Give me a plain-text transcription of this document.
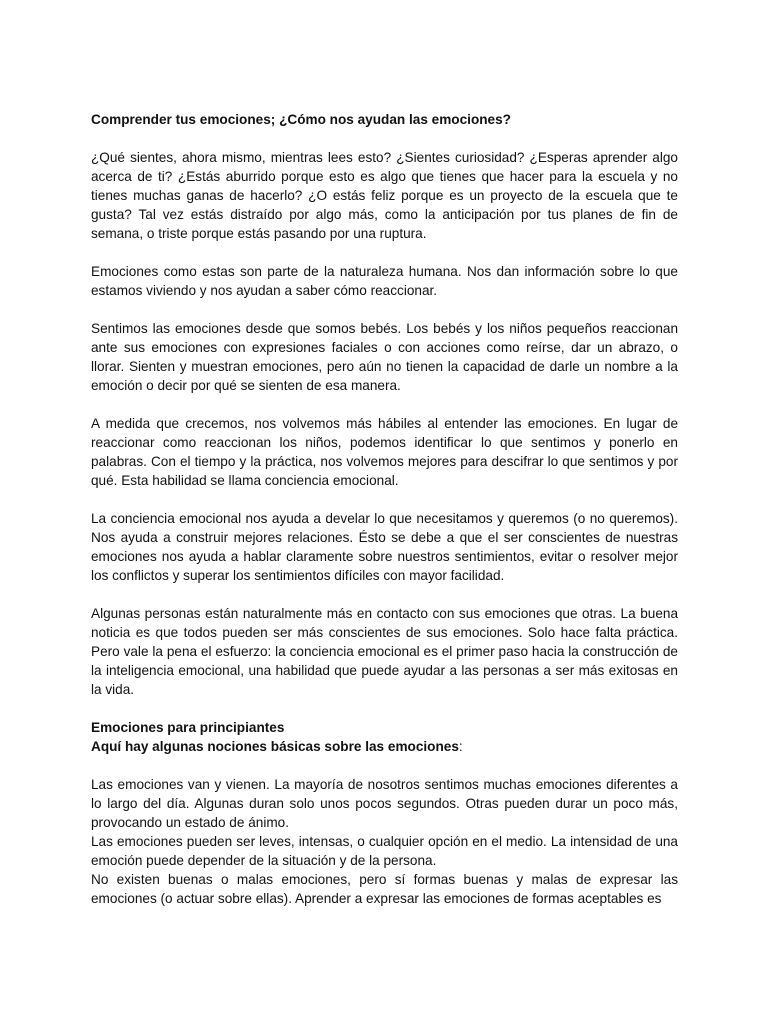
Comprender tus emociones; ¿Cómo nos ayudan las emociones?

¿Qué sientes, ahora mismo, mientras lees esto? ¿Sientes curiosidad? ¿Esperas aprender algo acerca de ti? ¿Estás aburrido porque esto es algo que tienes que hacer para la escuela y no tienes muchas ganas de hacerlo? ¿O estás feliz porque es un proyecto de la escuela que te gusta? Tal vez estás distraído por algo más, como la anticipación por tus planes de fin de semana, o triste porque estás pasando por una ruptura.

Emociones como estas son parte de la naturaleza humana. Nos dan información sobre lo que estamos viviendo y nos ayudan a saber cómo reaccionar.

Sentimos las emociones desde que somos bebés. Los bebés y los niños pequeños reaccionan ante sus emociones con expresiones faciales o con acciones como reírse, dar un abrazo, o llorar. Sienten y muestran emociones, pero aún no tienen la capacidad de darle un nombre a la emoción o decir por qué se sienten de esa manera.

A medida que crecemos, nos volvemos más hábiles al entender las emociones. En lugar de reaccionar como reaccionan los niños, podemos identificar lo que sentimos y ponerlo en palabras. Con el tiempo y la práctica, nos volvemos mejores para descifrar lo que sentimos y por qué. Esta habilidad se llama conciencia emocional.

La conciencia emocional nos ayuda a develar lo que necesitamos y queremos (o no queremos). Nos ayuda a construir mejores relaciones. Ésto se debe a que el ser conscientes de nuestras emociones nos ayuda a hablar claramente sobre nuestros sentimientos, evitar o resolver mejor los conflictos y superar los sentimientos difíciles con mayor facilidad.

Algunas personas están naturalmente más en contacto con sus emociones que otras. La buena noticia es que todos pueden ser más conscientes de sus emociones. Solo hace falta práctica. Pero vale la pena el esfuerzo: la conciencia emocional es el primer paso hacia la construcción de la inteligencia emocional, una habilidad que puede ayudar a las personas a ser más exitosas en la vida.

Emociones para principiantes

Aquí hay algunas nociones básicas sobre las emociones:

Las emociones van y vienen. La mayoría de nosotros sentimos muchas emociones diferentes a lo largo del día. Algunas duran solo unos pocos segundos. Otras pueden durar un poco más, provocando un estado de ánimo.

Las emociones pueden ser leves, intensas, o cualquier opción en el medio. La intensidad de una emoción puede depender de la situación y de la persona.

No existen buenas o malas emociones, pero sí formas buenas y malas de expresar las emociones (o actuar sobre ellas). Aprender a expresar las emociones de formas aceptables es
